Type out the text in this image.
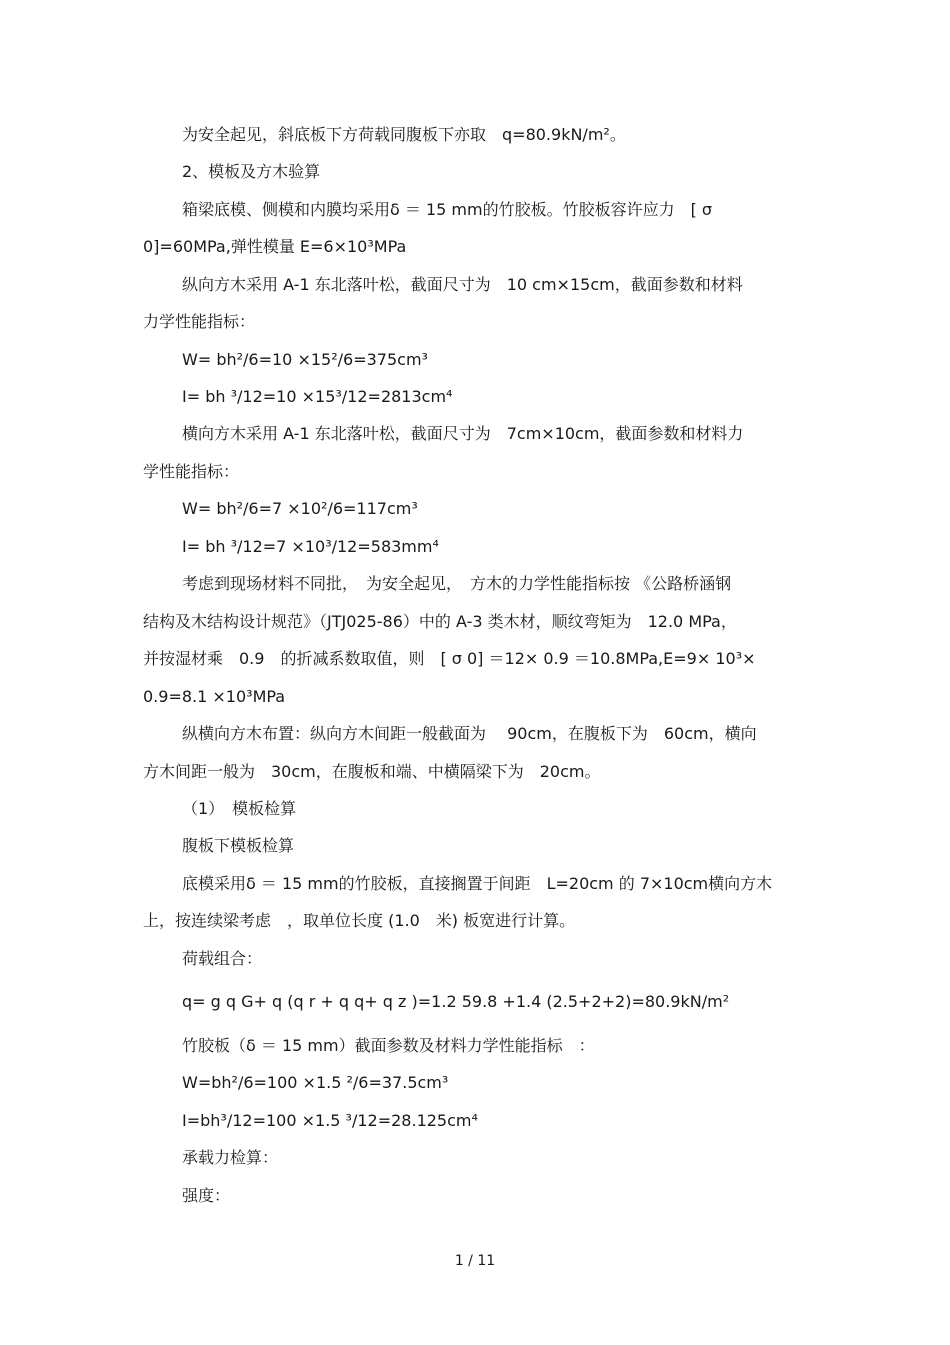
为安全起见，斜底板下方荷载同腹板下亦取　q=80.9kN/m²。
2、模板及方木验算
箱梁底模、侧模和内膜均采用δ ＝ 15 mm的竹胶板。竹胶板容许应力　[ σ
0]=60MPa,弹性模量 E=6×10³MPa
纵向方木采用 A-1 东北落叶松，截面尺寸为　10 cm×15cm，截面参数和材料
力学性能指标：
W= bh²/6=10 ×15²/6=375cm³
I= bh ³/12=10 ×15³/12=2813cm⁴
横向方木采用 A-1 东北落叶松，截面尺寸为　7cm×10cm，截面参数和材料力
学性能指标：
W= bh²/6=7 ×10²/6=117cm³
I= bh ³/12=7 ×10³/12=583mm⁴
考虑到现场材料不同批，　为安全起见，　方木的力学性能指标按 《公路桥涵钢
结构及木结构设计规范》（JTJ025-86）中的 A-3 类木材，顺纹弯矩为　12.0 MPa，
并按湿材乘　0.9　的折减系数取值，则　[ σ 0] ＝12× 0.9 ＝10.8MPa,E=9× 10³×
0.9=8.1 ×10³MPa
纵横向方木布置：纵向方木间距一般截面为　 90cm，在腹板下为　60cm，横向
方木间距一般为　30cm，在腹板和端、中横隔梁下为　20cm。
（1）　模板检算
腹板下模板检算
底模采用δ ＝ 15 mm的竹胶板，直接搁置于间距　L=20cm 的 7×10cm横向方木
上，按连续梁考虑　，取单位长度 (1.0　米) 板宽进行计算。
荷载组合：
q= g q G+ q (q r + q q+ q z )=1.2 59.8 +1.4 (2.5+2+2)=80.9kN/m²
竹胶板（δ ＝ 15 mm）截面参数及材料力学性能指标　：
W=bh²/6=100 ×1.5 ²/6=37.5cm³
I=bh³/12=100 ×1.5 ³/12=28.125cm⁴
承载力检算：
强度：
1 / 11
